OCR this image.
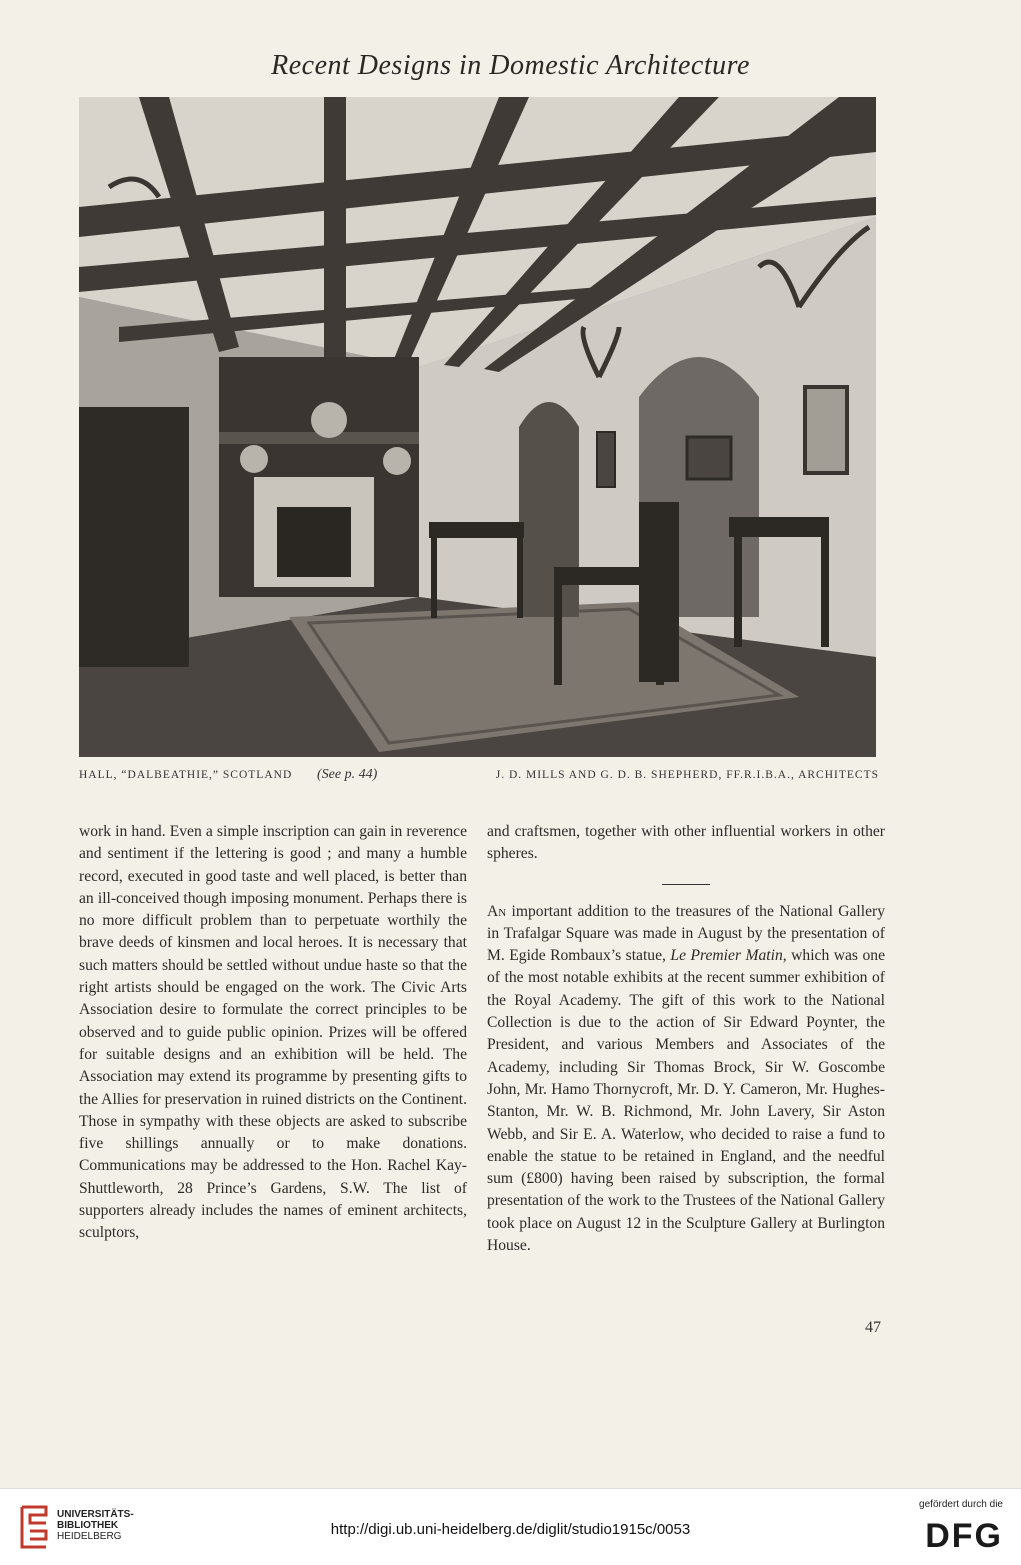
Recent Designs in Domestic Architecture
HALL, “DALBEATHIE,” SCOTLAND (See p. 44)	J. D. MILLS AND G. D. B. SHEPHERD, FF.R.I.B.A., ARCHITECTS

work in hand. Even a simple inscription can gain in reverence and sentiment if the lettering is good ; and many a humble record, executed in good taste and well placed, is better than an ill-conceived though imposing monument. Perhaps there is no more difficult problem than to perpetuate worthily the brave deeds of kinsmen and local heroes. It is necessary that such matters should be settled without undue haste so that the right artists should be engaged on the work. The Civic Arts Association desire to formulate the correct principles to be observed and to guide public opinion. Prizes will be offered for suitable designs and an exhibition will be held. The Association may extend its programme by presenting gifts to the Allies for preservation in ruined districts on the Continent. Those in sympathy with these objects are asked to subscribe five shillings annually or to make donations. Communications may be addressed to the Hon. Rachel Kay-Shuttleworth, 28 Prince’s Gardens, S.W. The list of supporters already includes the names of eminent architects, sculptors,

and craftsmen, together with other influential workers in other spheres.

An important addition to the treasures of the National Gallery in Trafalgar Square was made in August by the presentation of M. Egide Rombaux’s statue, Le Premier Matin, which was one of the most notable exhibits at the recent summer exhibition of the Royal Academy. The gift of this work to the National Collection is due to the action of Sir Edward Poynter, the President, and various Members and Associates of the Academy, including Sir Thomas Brock, Sir W. Goscombe John, Mr. Hamo Thornycroft, Mr. D. Y. Cameron, Mr. Hughes-Stanton, Mr. W. B. Richmond, Mr. John Lavery, Sir Aston Webb, and Sir E. A. Waterlow, who decided to raise a fund to enable the statue to be retained in England, and the needful sum (£800) having been raised by subscription, the formal presentation of the work to the Trustees of the National Gallery took place on August 12 in the Sculpture Gallery at Burlington House.

47
UNIVERSITÄTS-
BIBLIOTHEK
HEIDELBERG	http://digi.ub.uni-heidelberg.de/diglit/studio1915c/0053
gefördert durch die
DFG
